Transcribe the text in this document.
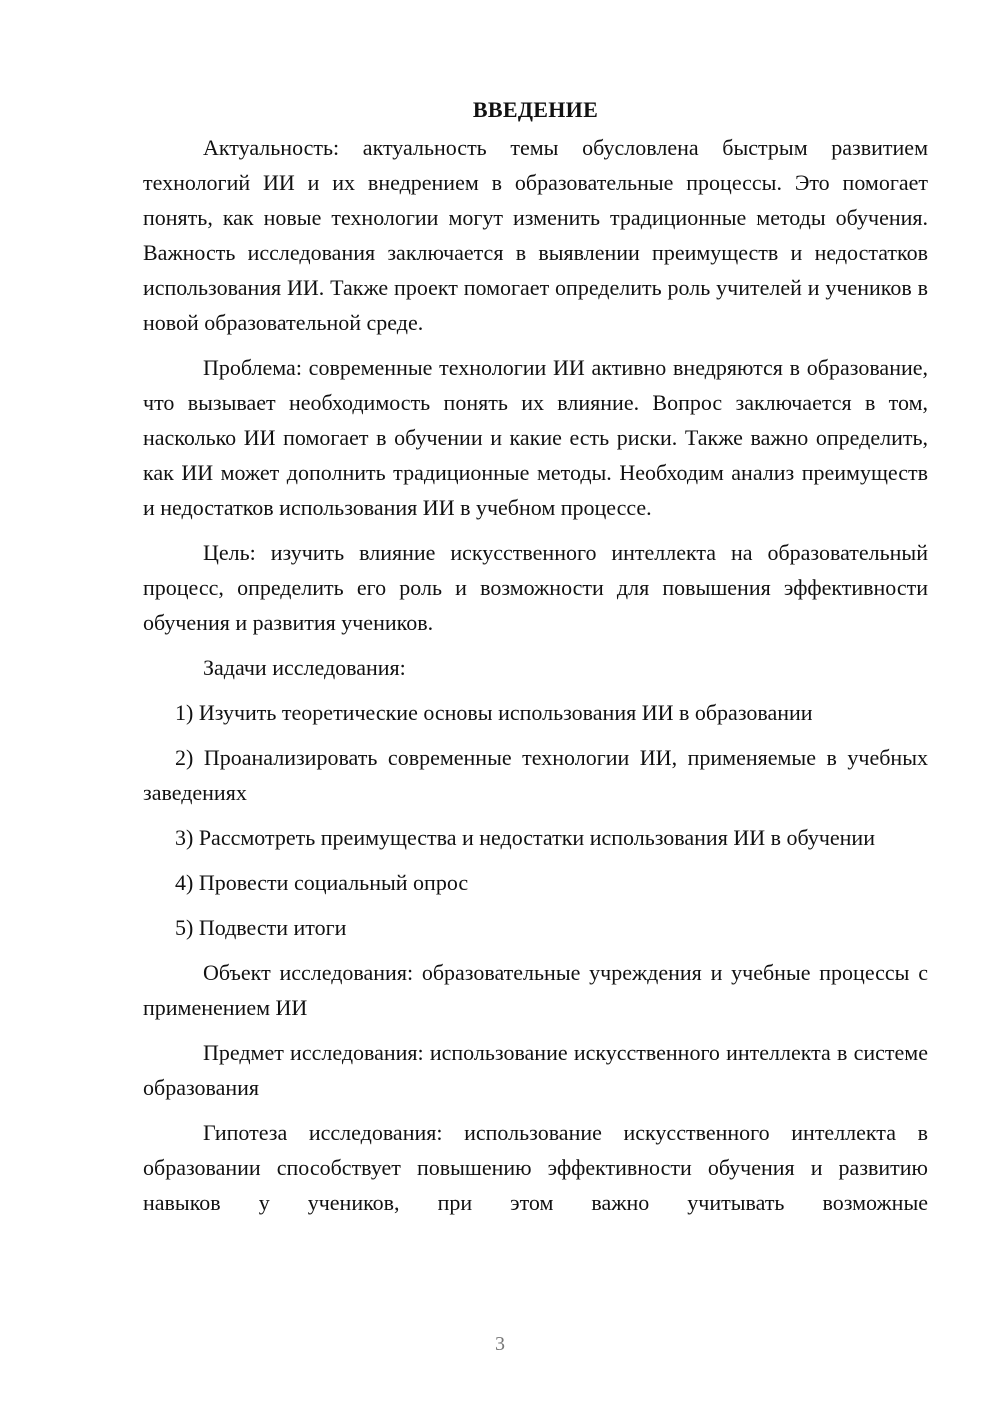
ВВЕДЕНИЕ

Актуальность: актуальность темы обусловлена быстрым развитием технологий ИИ и их внедрением в образовательные процессы. Это помогает понять, как новые технологии могут изменить традиционные методы обучения. Важность исследования заключается в выявлении преимуществ и недостатков использования ИИ. Также проект помогает определить роль учителей и учеников в новой образовательной среде.

Проблема: современные технологии ИИ активно внедряются в образование, что вызывает необходимость понять их влияние. Вопрос заключается в том, насколько ИИ помогает в обучении и какие есть риски. Также важно определить, как ИИ может дополнить традиционные методы. Необходим анализ преимуществ и недостатков использования ИИ в учебном процессе.

Цель: изучить влияние искусственного интеллекта на образовательный процесс, определить его роль и возможности для повышения эффективности обучения и развития учеников.

Задачи исследования:

1) Изучить теоретические основы использования ИИ в образовании

2) Проанализировать современные технологии ИИ, применяемые в учебных заведениях

3) Рассмотреть преимущества и недостатки использования ИИ в обучении

4) Провести социальный опрос

5) Подвести итоги

Объект исследования: образовательные учреждения и учебные процессы с применением ИИ

Предмет исследования: использование искусственного интеллекта в системе образования

Гипотеза исследования: использование искусственного интеллекта в образовании способствует повышению эффективности обучения и развитию навыков у учеников, при этом важно учитывать возможные

3
